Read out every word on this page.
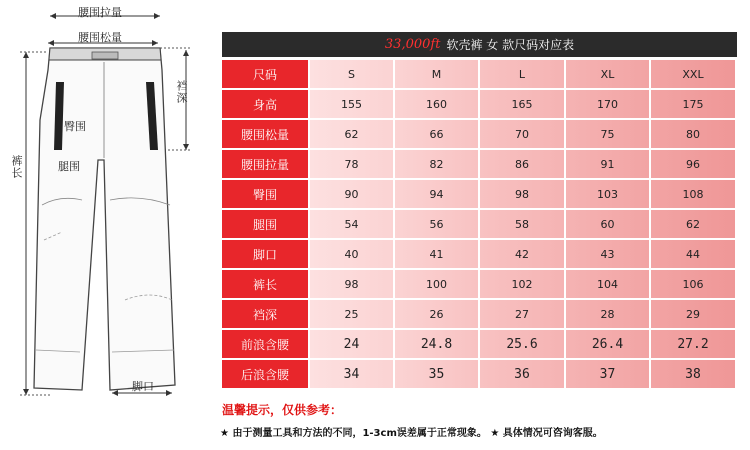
腰围拉量
腰围松量
裆深
臀围
腿围
裤长
脚口
33,000ft 软壳裤 女 款尺码对应表
尺码	S	M	L	XL	XXL
身高	155	160	165	170	175
腰围松量	62	66	70	75	80
腰围拉量	78	82	86	91	96
臀围	90	94	98	103	108
腿围	54	56	58	60	62
脚口	40	41	42	43	44
裤长	98	100	102	104	106
裆深	25	26	27	28	29
前浪含腰	24	24.8	25.6	26.4	27.2
后浪含腰	34	35	36	37	38
温馨提示，仅供参考：
★ 由于测量工具和方法的不同，1-3cm误差属于正常现象。 ★ 具体情况可咨询客服。
